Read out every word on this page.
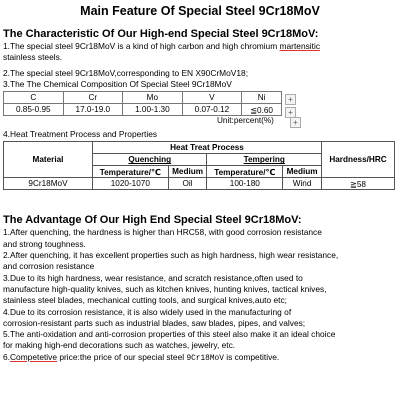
Main Feature Of Special Steel 9Cr18MoV
The Characteristic Of Our High-end Special Steel 9Cr18MoV:
1.The special steel 9Cr18MoV is a kind of high carbon and high chromium martensitic
stainless steels.
2.The special steel 9Cr18MoV,corresponding to EN X90CrMoV18;
3.The The Chemical Composition Of Special Steel 9Cr18MoV
C	Cr	Mo	V	Ni
0.85-0.95	17.0-19.0	1.00-1.30	0.07-0.12	≦0.60
+
+
Unit:percent(%)	+
4.Heat Treatment Process and Properties
Material	Heat Treat Process				Hardness/HRC
	Quenching		Tempering		
	Temperature/℃	Medium	Temperature/℃	Medium	
9Cr18MoV	1020-1070	Oil	100-180	Wind	≧58
The Advantage Of Our High End Special Steel 9Cr18MoV:
1.After quenching, the hardness is higher than HRC58, with good corrosion resistance
and strong toughness.
2.After quenching, it has excellent properties such as high hardness, high wear resistance,
and corrosion resistance
3.Due to its high hardness, wear resistance, and scratch resistance,often used to
manufacture high-quality knives, such as kitchen knives, hunting knives, tactical knives,
stainless steel blades, mechanical cutting tools, and surgical knives,auto etc;
4.Due to its corrosion resistance, it is also widely used in the manufacturing of
corrosion-resistant parts such as industrial blades, saw blades, pipes, and valves;
5.The anti-oxidation and anti-corrosion properties of this steel also make it an ideal choice
for making high-end decorations such as watches, jewelry, etc.
6.Competetive price:the price of our special steel 9Cr18MoV is competitive.
